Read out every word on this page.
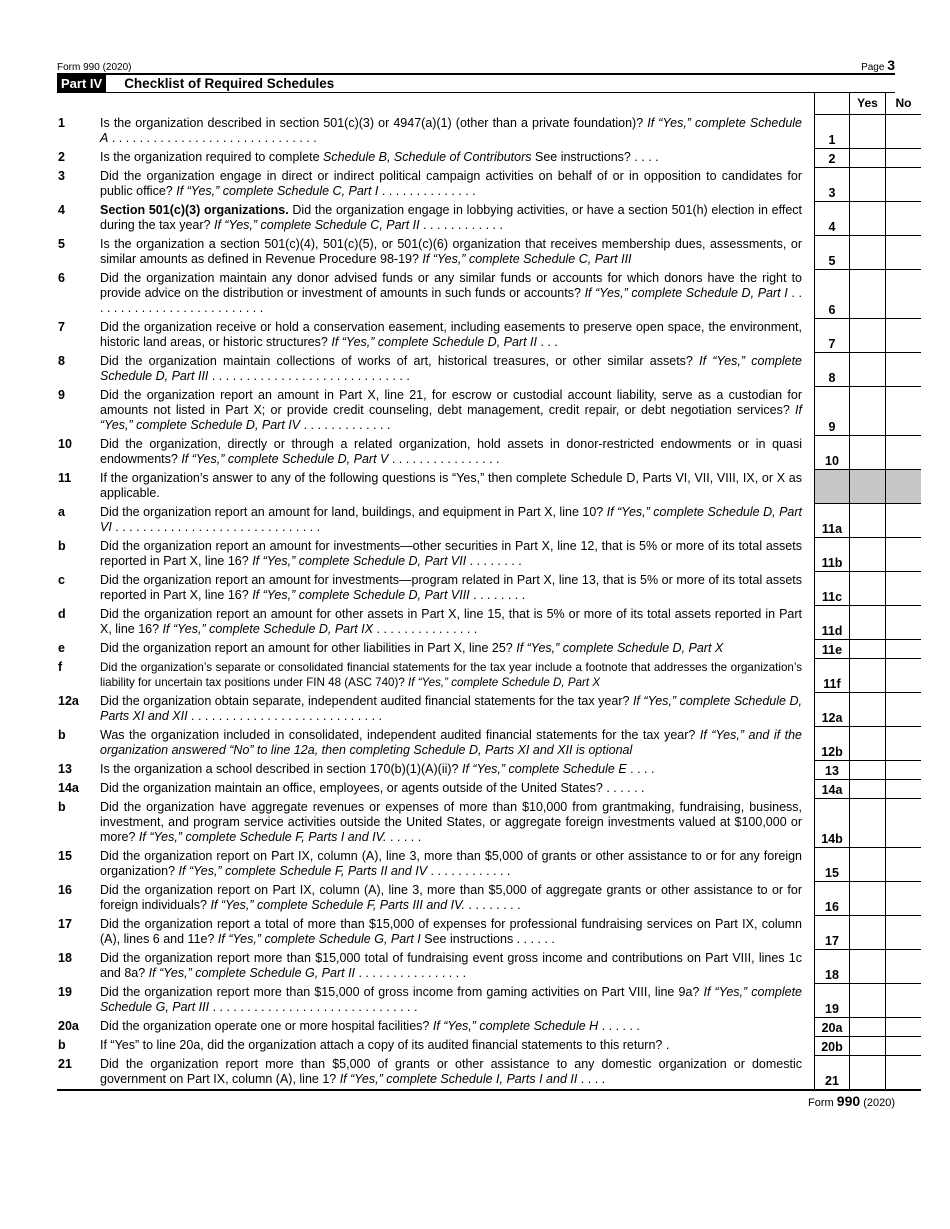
Form 990 (2020)	Page 3
Part IV Checklist of Required Schedules
			Yes	No
1	Is the organization described in section 501(c)(3) or 4947(a)(1) (other than a private foundation)? If “Yes,” complete Schedule A . . . . . . . . . . . . . . . . . . . . . . . . . . . . . .	1		
2	Is the organization required to complete Schedule B, Schedule of Contributors See instructions? . . . .	2		
3	Did the organization engage in direct or indirect political campaign activities on behalf of or in opposition to candidates for public office? If “Yes,” complete Schedule C, Part I . . . . . . . . . . . . . .	3		
4	Section 501(c)(3) organizations. Did the organization engage in lobbying activities, or have a section 501(h) election in effect during the tax year? If “Yes,” complete Schedule C, Part II . . . . . . . . . . . .	4		
5	Is the organization a section 501(c)(4), 501(c)(5), or 501(c)(6) organization that receives membership dues, assessments, or similar amounts as defined in Revenue Procedure 98-19? If “Yes,” complete Schedule C, Part III	5		
6	Did the organization maintain any donor advised funds or any similar funds or accounts for which donors have the right to provide advice on the distribution or investment of amounts in such funds or accounts? If “Yes,” complete Schedule D, Part I . . . . . . . . . . . . . . . . . . . . . . . . . .	6		
7	Did the organization receive or hold a conservation easement, including easements to preserve open space, the environment, historic land areas, or historic structures? If “Yes,” complete Schedule D, Part II . . .	7		
8	Did the organization maintain collections of works of art, historical treasures, or other similar assets? If “Yes,” complete Schedule D, Part III . . . . . . . . . . . . . . . . . . . . . . . . . . . . .	8		
9	Did the organization report an amount in Part X, line 21, for escrow or custodial account liability, serve as a custodian for amounts not listed in Part X; or provide credit counseling, debt management, credit repair, or debt negotiation services? If “Yes,” complete Schedule D, Part IV . . . . . . . . . . . . .	9		
10	Did the organization, directly or through a related organization, hold assets in donor-restricted endowments or in quasi endowments? If “Yes,” complete Schedule D, Part V . . . . . . . . . . . . . . . .	10		
11	If the organization’s answer to any of the following questions is “Yes,” then complete Schedule D, Parts VI, VII, VIII, IX, or X as applicable.			
a	Did the organization report an amount for land, buildings, and equipment in Part X, line 10? If “Yes,” complete Schedule D, Part VI . . . . . . . . . . . . . . . . . . . . . . . . . . . . . .	11a		
b	Did the organization report an amount for investments—other securities in Part X, line 12, that is 5% or more of its total assets reported in Part X, line 16? If “Yes,” complete Schedule D, Part VII . . . . . . . .	11b		
c	Did the organization report an amount for investments—program related in Part X, line 13, that is 5% or more of its total assets reported in Part X, line 16? If “Yes,” complete Schedule D, Part VIII . . . . . . . .	11c		
d	Did the organization report an amount for other assets in Part X, line 15, that is 5% or more of its total assets reported in Part X, line 16? If “Yes,” complete Schedule D, Part IX . . . . . . . . . . . . . . .	11d		
e	Did the organization report an amount for other liabilities in Part X, line 25? If “Yes,” complete Schedule D, Part X	11e		
f	Did the organization’s separate or consolidated financial statements for the tax year include a footnote that addresses the organization’s liability for uncertain tax positions under FIN 48 (ASC 740)? If “Yes,” complete Schedule D, Part X	11f		
12a	Did the organization obtain separate, independent audited financial statements for the tax year? If “Yes,” complete Schedule D, Parts XI and XII . . . . . . . . . . . . . . . . . . . . . . . . . . . .	12a		
b	Was the organization included in consolidated, independent audited financial statements for the tax year? If “Yes,” and if the organization answered “No” to line 12a, then completing Schedule D, Parts XI and XII is optional	12b		
13	Is the organization a school described in section 170(b)(1)(A)(ii)? If “Yes,” complete Schedule E . . . .	13		
14a	Did the organization maintain an office, employees, or agents outside of the United States? . . . . . .	14a		
b	Did the organization have aggregate revenues or expenses of more than $10,000 from grantmaking, fundraising, business, investment, and program service activities outside the United States, or aggregate foreign investments valued at $100,000 or more? If “Yes,” complete Schedule F, Parts I and IV. . . . . .	14b		
15	Did the organization report on Part IX, column (A), line 3, more than $5,000 of grants or other assistance to or for any foreign organization? If “Yes,” complete Schedule F, Parts II and IV . . . . . . . . . . . .	15		
16	Did the organization report on Part IX, column (A), line 3, more than $5,000 of aggregate grants or other assistance to or for foreign individuals? If “Yes,” complete Schedule F, Parts III and IV. . . . . . . . .	16		
17	Did the organization report a total of more than $15,000 of expenses for professional fundraising services on Part IX, column (A), lines 6 and 11e? If “Yes,” complete Schedule G, Part I See instructions . . . . . .	17		
18	Did the organization report more than $15,000 total of fundraising event gross income and contributions on Part VIII, lines 1c and 8a? If “Yes,” complete Schedule G, Part II . . . . . . . . . . . . . . . .	18		
19	Did the organization report more than $15,000 of gross income from gaming activities on Part VIII, line 9a? If “Yes,” complete Schedule G, Part III . . . . . . . . . . . . . . . . . . . . . . . . . . . . . .	19		
20a	Did the organization operate one or more hospital facilities? If “Yes,” complete Schedule H . . . . . .	20a		
b	If “Yes” to line 20a, did the organization attach a copy of its audited financial statements to this return? .	20b		
21	Did the organization report more than $5,000 of grants or other assistance to any domestic organization or domestic government on Part IX, column (A), line 1? If “Yes,” complete Schedule I, Parts I and II . . . .	21		
Form 990 (2020)
